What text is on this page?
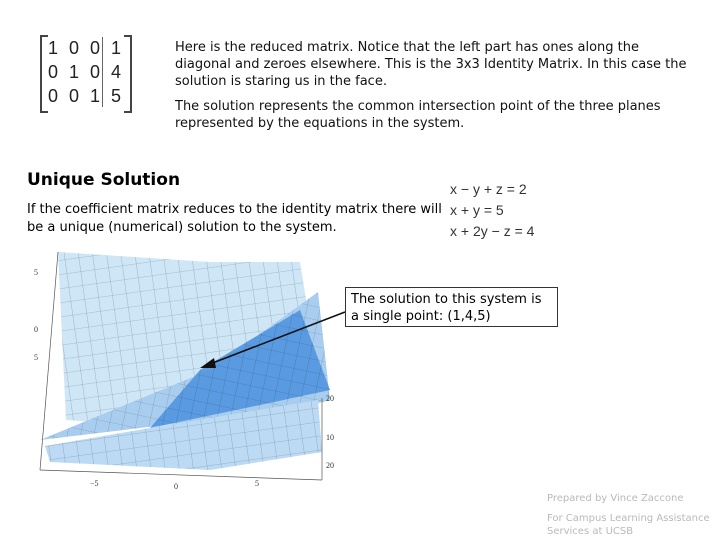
1	0	0	1
0	1	0	4
0	0	1	5
Here is the reduced matrix. Notice that the left part has ones along the diagonal and zeroes elsewhere. This is the 3x3 Identity Matrix. In this case the solution is staring us in the face.
The solution represents the common intersection point of the three planes represented by the equations in the system.
Unique Solution
If the coefficient matrix reduces to the identity matrix there will be a unique (numerical) solution to the system.
x − y + z = 2
x + y = 5
x + 2y − z = 4
5
0
5
20
10
20
−5	0	5
The solution to this system is a single point: (1,4,5)
Prepared by Vince Zaccone
For Campus Learning Assistance
Services at UCSB
